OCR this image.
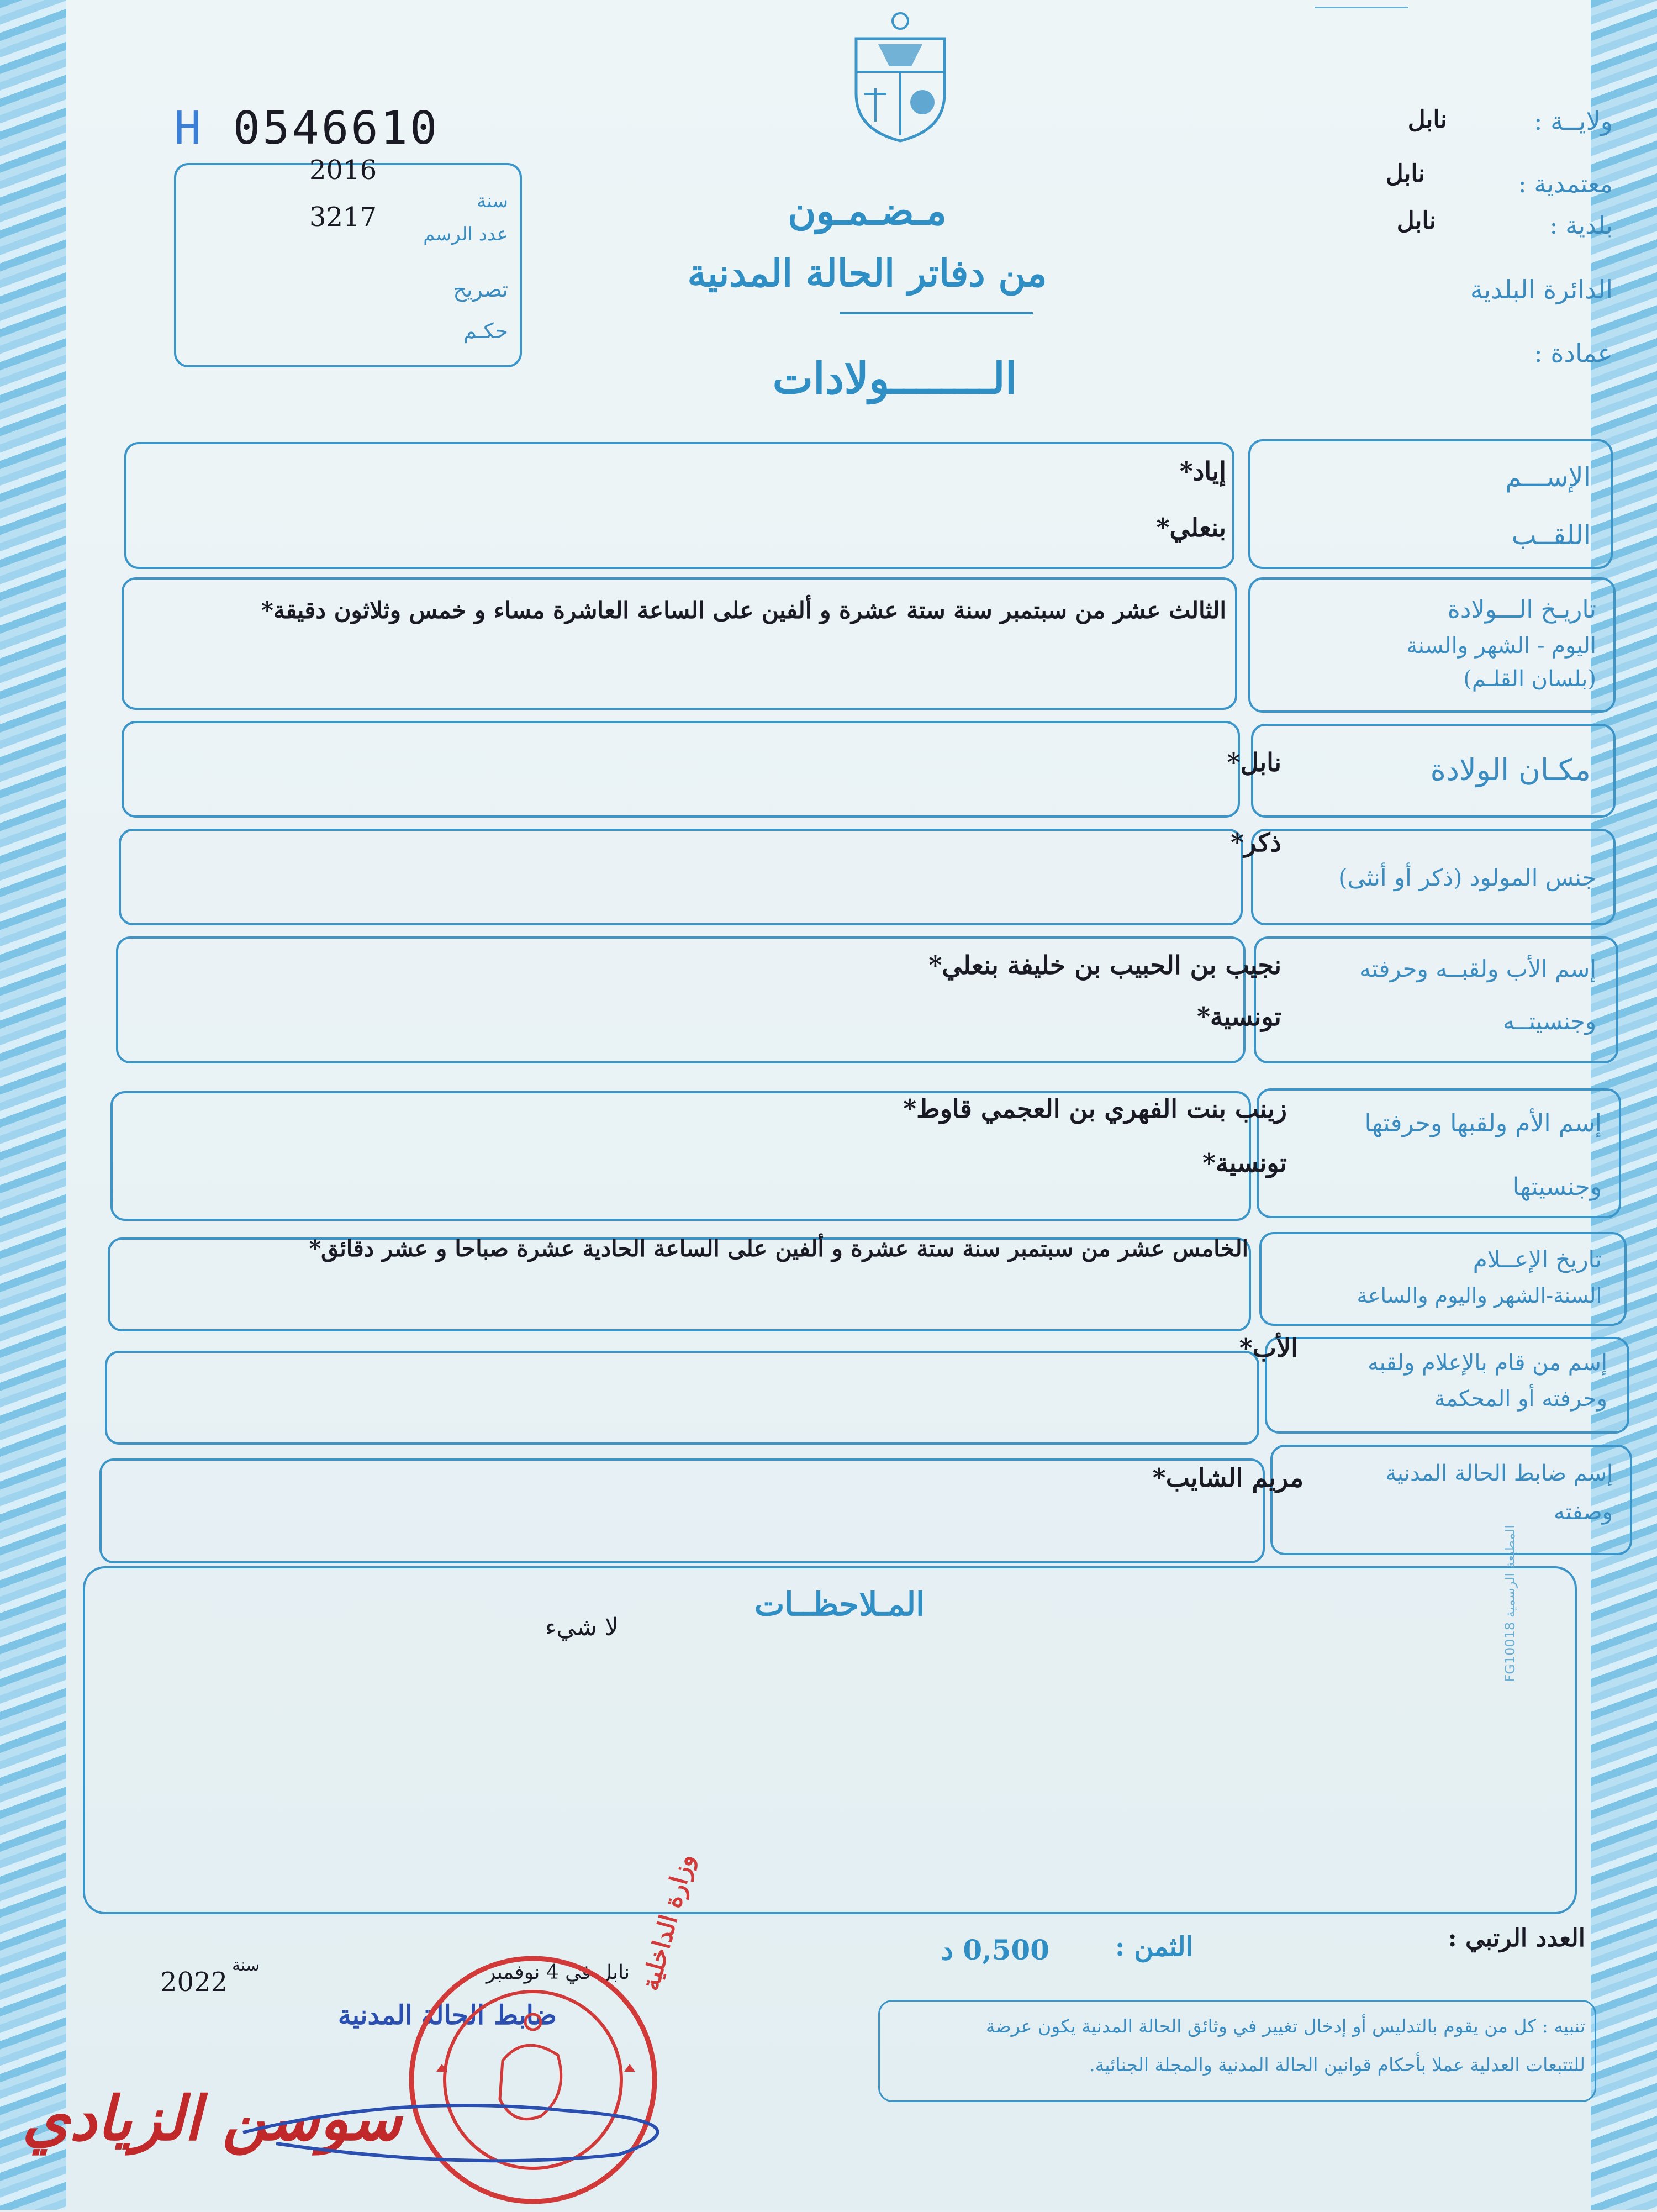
H 0546610
سنة
2016
عدد الرسم
3217
تصريح
حكـم
ولايــة :
نابل
معتمدية :
نابل
بلدية :
نابل
الدائرة البلدية
عمادة :
مـضـمـون
من دفاتر الحالة المدنية
الــــــــولادات
الإســـم
اللقــب
إياد*
بنعلي*
تاريـخ الـــولادة
اليوم - الشهر والسنة
(بلسان القلـم)
الثالث عشر من سبتمبر سنة ستة عشرة و ألفين على الساعة العاشرة مساء و خمس وثلاثون دقيقة*
مكـان الولادة
نابل*
جنس المولود (ذكر أو أنثى)
ذكر*
إسم الأب ولقبــه وحرفته
وجنسيتــه
نجيب بن الحبيب بن خليفة بنعلي*
تونسية*
إسم الأم ولقبها وحرفتها
وجنسيتها
زينب بنت الفهري بن العجمي قاوط*
تونسية*
تاريخ الإعــلام
السنة-الشهر واليوم والساعة
الخامس عشر من سبتمبر سنة ستة عشرة و ألفين على الساعة الحادية عشرة صباحا و عشر دقائق*
إسم من قام بالإعلام ولقبه
وحرفته أو المحكمة
الأب*
إسم ضابط الحالة المدنية
وصفته
مريم الشايب*
المـلاحظــات
لا شيء	المطبعة الرسمية FG10018
العدد الرتبي :
الثمن :
0,500 د
نابل في 4 نوفمبر
سنة
2022
ضابط الحالة المدنية
وزارة الداخلية
سوسن الزيادي
تنبيه : كل من يقوم بالتدليس أو إدخال تغيير في وثائق الحالة المدنية يكون عرضة
للتتبعات العدلية عملا بأحكام قوانين الحالة المدنية والمجلة الجنائية.
